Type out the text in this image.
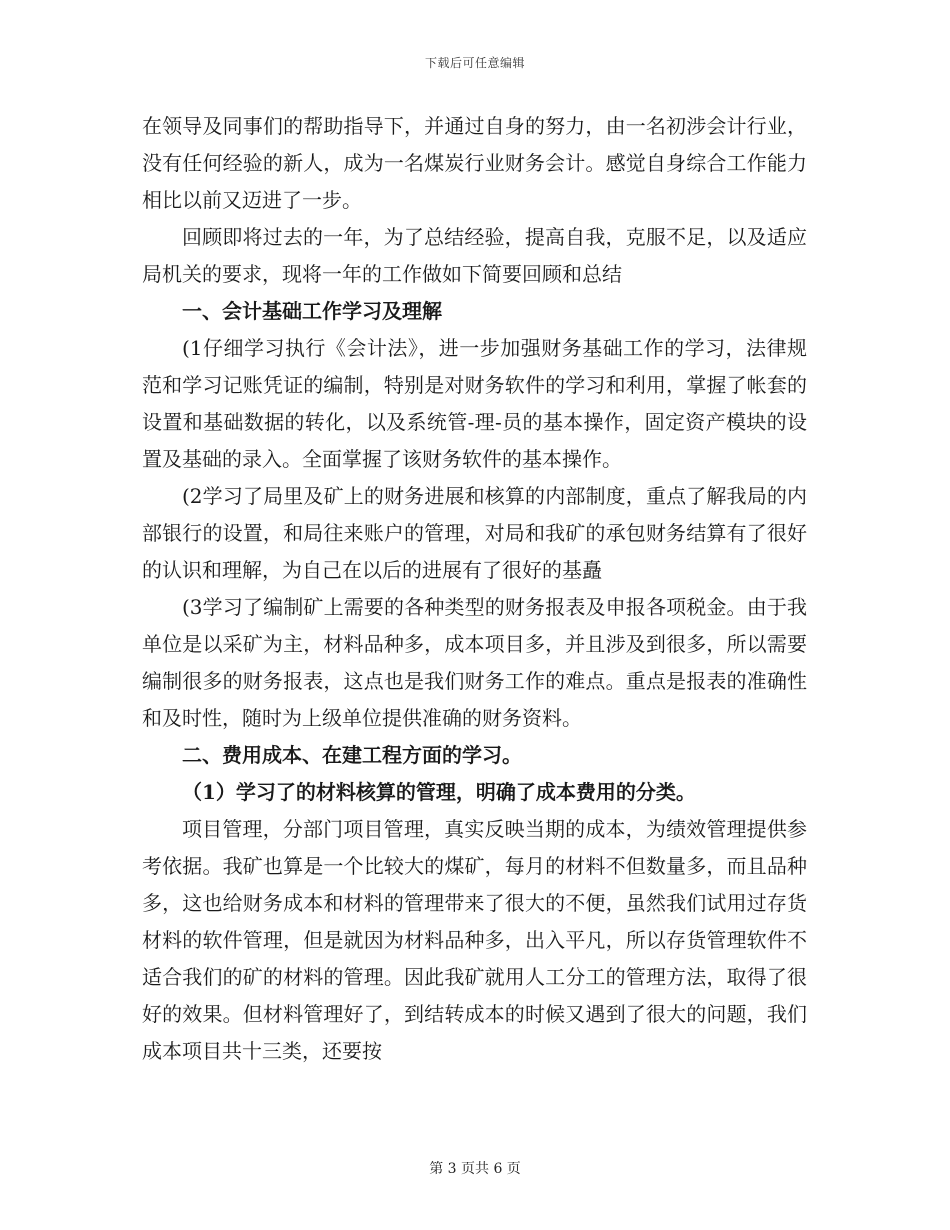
下载后可任意编辑

在领导及同事们的帮助指导下，并通过自身的努力，由一名初涉会计行业，没有任何经验的新人，成为一名煤炭行业财务会计。感觉自身综合工作能力相比以前又迈进了一步。

回顾即将过去的一年，为了总结经验，提高自我，克服不足，以及适应局机关的要求，现将一年的工作做如下简要回顾和总结

一、会计基础工作学习及理解

(1仔细学习执行《会计法》，进一步加强财务基础工作的学习，法律规范和学习记账凭证的编制，特别是对财务软件的学习和利用，掌握了帐套的设置和基础数据的转化，以及系统管-理-员的基本操作，固定资产模块的设置及基础的录入。全面掌握了该财务软件的基本操作。

(2学习了局里及矿上的财务进展和核算的内部制度，重点了解我局的内部银行的设置，和局往来账户的管理，对局和我矿的承包财务结算有了很好的认识和理解，为自己在以后的进展有了很好的基矗

(3学习了编制矿上需要的各种类型的财务报表及申报各项税金。由于我单位是以采矿为主，材料品种多，成本项目多，并且涉及到很多，所以需要编制很多的财务报表，这点也是我们财务工作的难点。重点是报表的准确性和及时性，随时为上级单位提供准确的财务资料。

二、费用成本、在建工程方面的学习。

（1）学习了的材料核算的管理，明确了成本费用的分类。

项目管理，分部门项目管理，真实反映当期的成本，为绩效管理提供参考依据。我矿也算是一个比较大的煤矿，每月的材料不但数量多，而且品种多，这也给财务成本和材料的管理带来了很大的不便，虽然我们试用过存货材料的软件管理，但是就因为材料品种多，出入平凡，所以存货管理软件不适合我们的矿的材料的管理。因此我矿就用人工分工的管理方法，取得了很好的效果。但材料管理好了，到结转成本的时候又遇到了很大的问题，我们成本项目共十三类，还要按

第 3 页共 6 页
